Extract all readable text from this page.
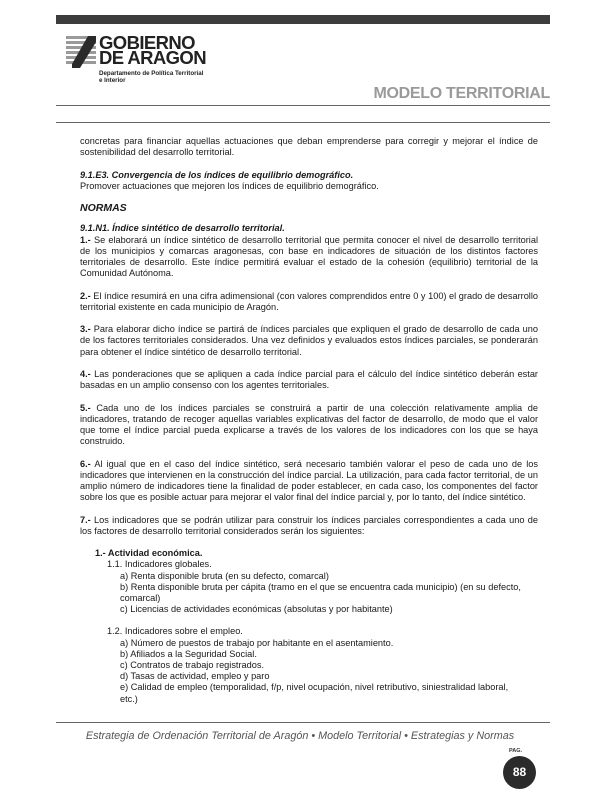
GOBIERNO
DE ARAGON
Departamento de Política Territorial
e Interior
MODELO TERRITORIAL

concretas para financiar aquellas actuaciones que deban emprenderse para corregir y mejorar el índice de sostenibilidad del desarrollo territorial.

9.1.E3. Convergencia de los índices de equilibrio demográfico.
Promover actuaciones que mejoren los índices de equilibrio demográfico.

NORMAS
9.1.N1. Índice sintético de desarrollo territorial.

1.- Se elaborará un índice sintético de desarrollo territorial que permita conocer el nivel de desarrollo territorial de los municipios y comarcas aragonesas, con base en indicadores de situación de los distintos factores territoriales de desarrollo. Este índice permitirá evaluar el estado de la cohesión (equilibrio) territorial de la Comunidad Autónoma.

2.- El índice resumirá en una cifra adimensional (con valores comprendidos entre 0 y 100) el grado de desarrollo territorial existente en cada municipio de Aragón.

3.- Para elaborar dicho índice se partirá de índices parciales que expliquen el grado de desarrollo de cada uno de los factores territoriales considerados. Una vez definidos y evaluados estos índices parciales, se ponderarán para obtener el índice sintético de desarrollo territorial.

4.- Las ponderaciones que se apliquen a cada índice parcial para el cálculo del índice sintético deberán estar basadas en un amplio consenso con los agentes territoriales.

5.- Cada uno de los índices parciales se construirá a partir de una colección relativamente amplia de indicadores, tratando de recoger aquellas variables explicativas del factor de desarrollo, de modo que el valor que tome el índice parcial pueda explicarse a través de los valores de los indicadores con los que se haya construido.

6.- Al igual que en el caso del índice sintético, será necesario también valorar el peso de cada uno de los indicadores que intervienen en la construcción del índice parcial. La utilización, para cada factor territorial, de un amplio número de indicadores tiene la finalidad de poder establecer, en cada caso, los componentes del factor sobre los que es posible actuar para mejorar el valor final del índice parcial y, por lo tanto, del índice sintético.

7.- Los indicadores que se podrán utilizar para construir los índices parciales correspondientes a cada uno de los factores de desarrollo territorial considerados serán los siguientes:

1.- Actividad económica.
1.1. Indicadores globales.
a) Renta disponible bruta (en su defecto, comarcal)
b) Renta disponible bruta per cápita (tramo en el que se encuentra cada municipio) (en su defecto,
comarcal)
c) Licencias de actividades económicas (absolutas y por habitante)
1.2. Indicadores sobre el empleo.
a) Número de puestos de trabajo por habitante en el asentamiento.
b) Afiliados a la Seguridad Social.
c) Contratos de trabajo registrados.
d) Tasas de actividad, empleo y paro
e) Calidad de empleo (temporalidad, f/p, nivel ocupación, nivel retributivo, siniestralidad laboral,
etc.)
Estrategia de Ordenación Territorial de Aragón • Modelo Territorial • Estrategias y Normas
PAG.
88
